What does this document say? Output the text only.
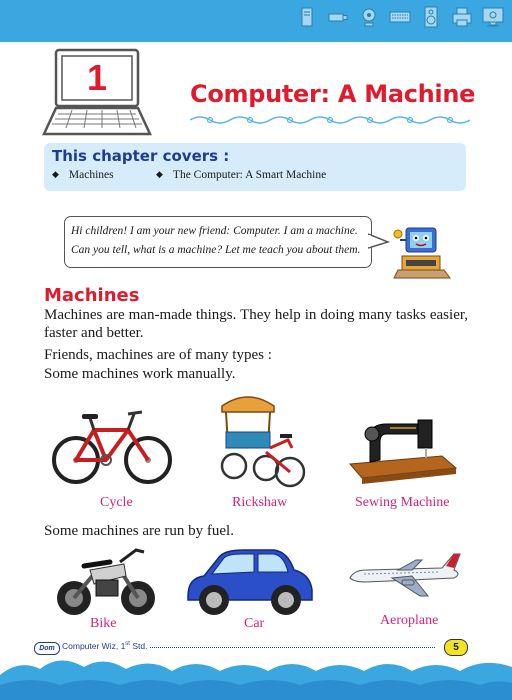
1	Computer: A Machine
This chapter covers :
◆ Machines	◆ The Computer: A Smart Machine
Hi children! I am your new friend: Computer. I am a machine.
Can you tell, what is a machine? Let me teach you about them.
Machines
Machines are man-made things. They help in doing many tasks easier, faster and better.
Friends, machines are of many types :
Some machines work manually.
Cycle	Rickshaw	Sewing Machine
Some machines are run by fuel.
Bike	Car	Aeroplane
Dom Computer Wiz, 1st Std.	5
